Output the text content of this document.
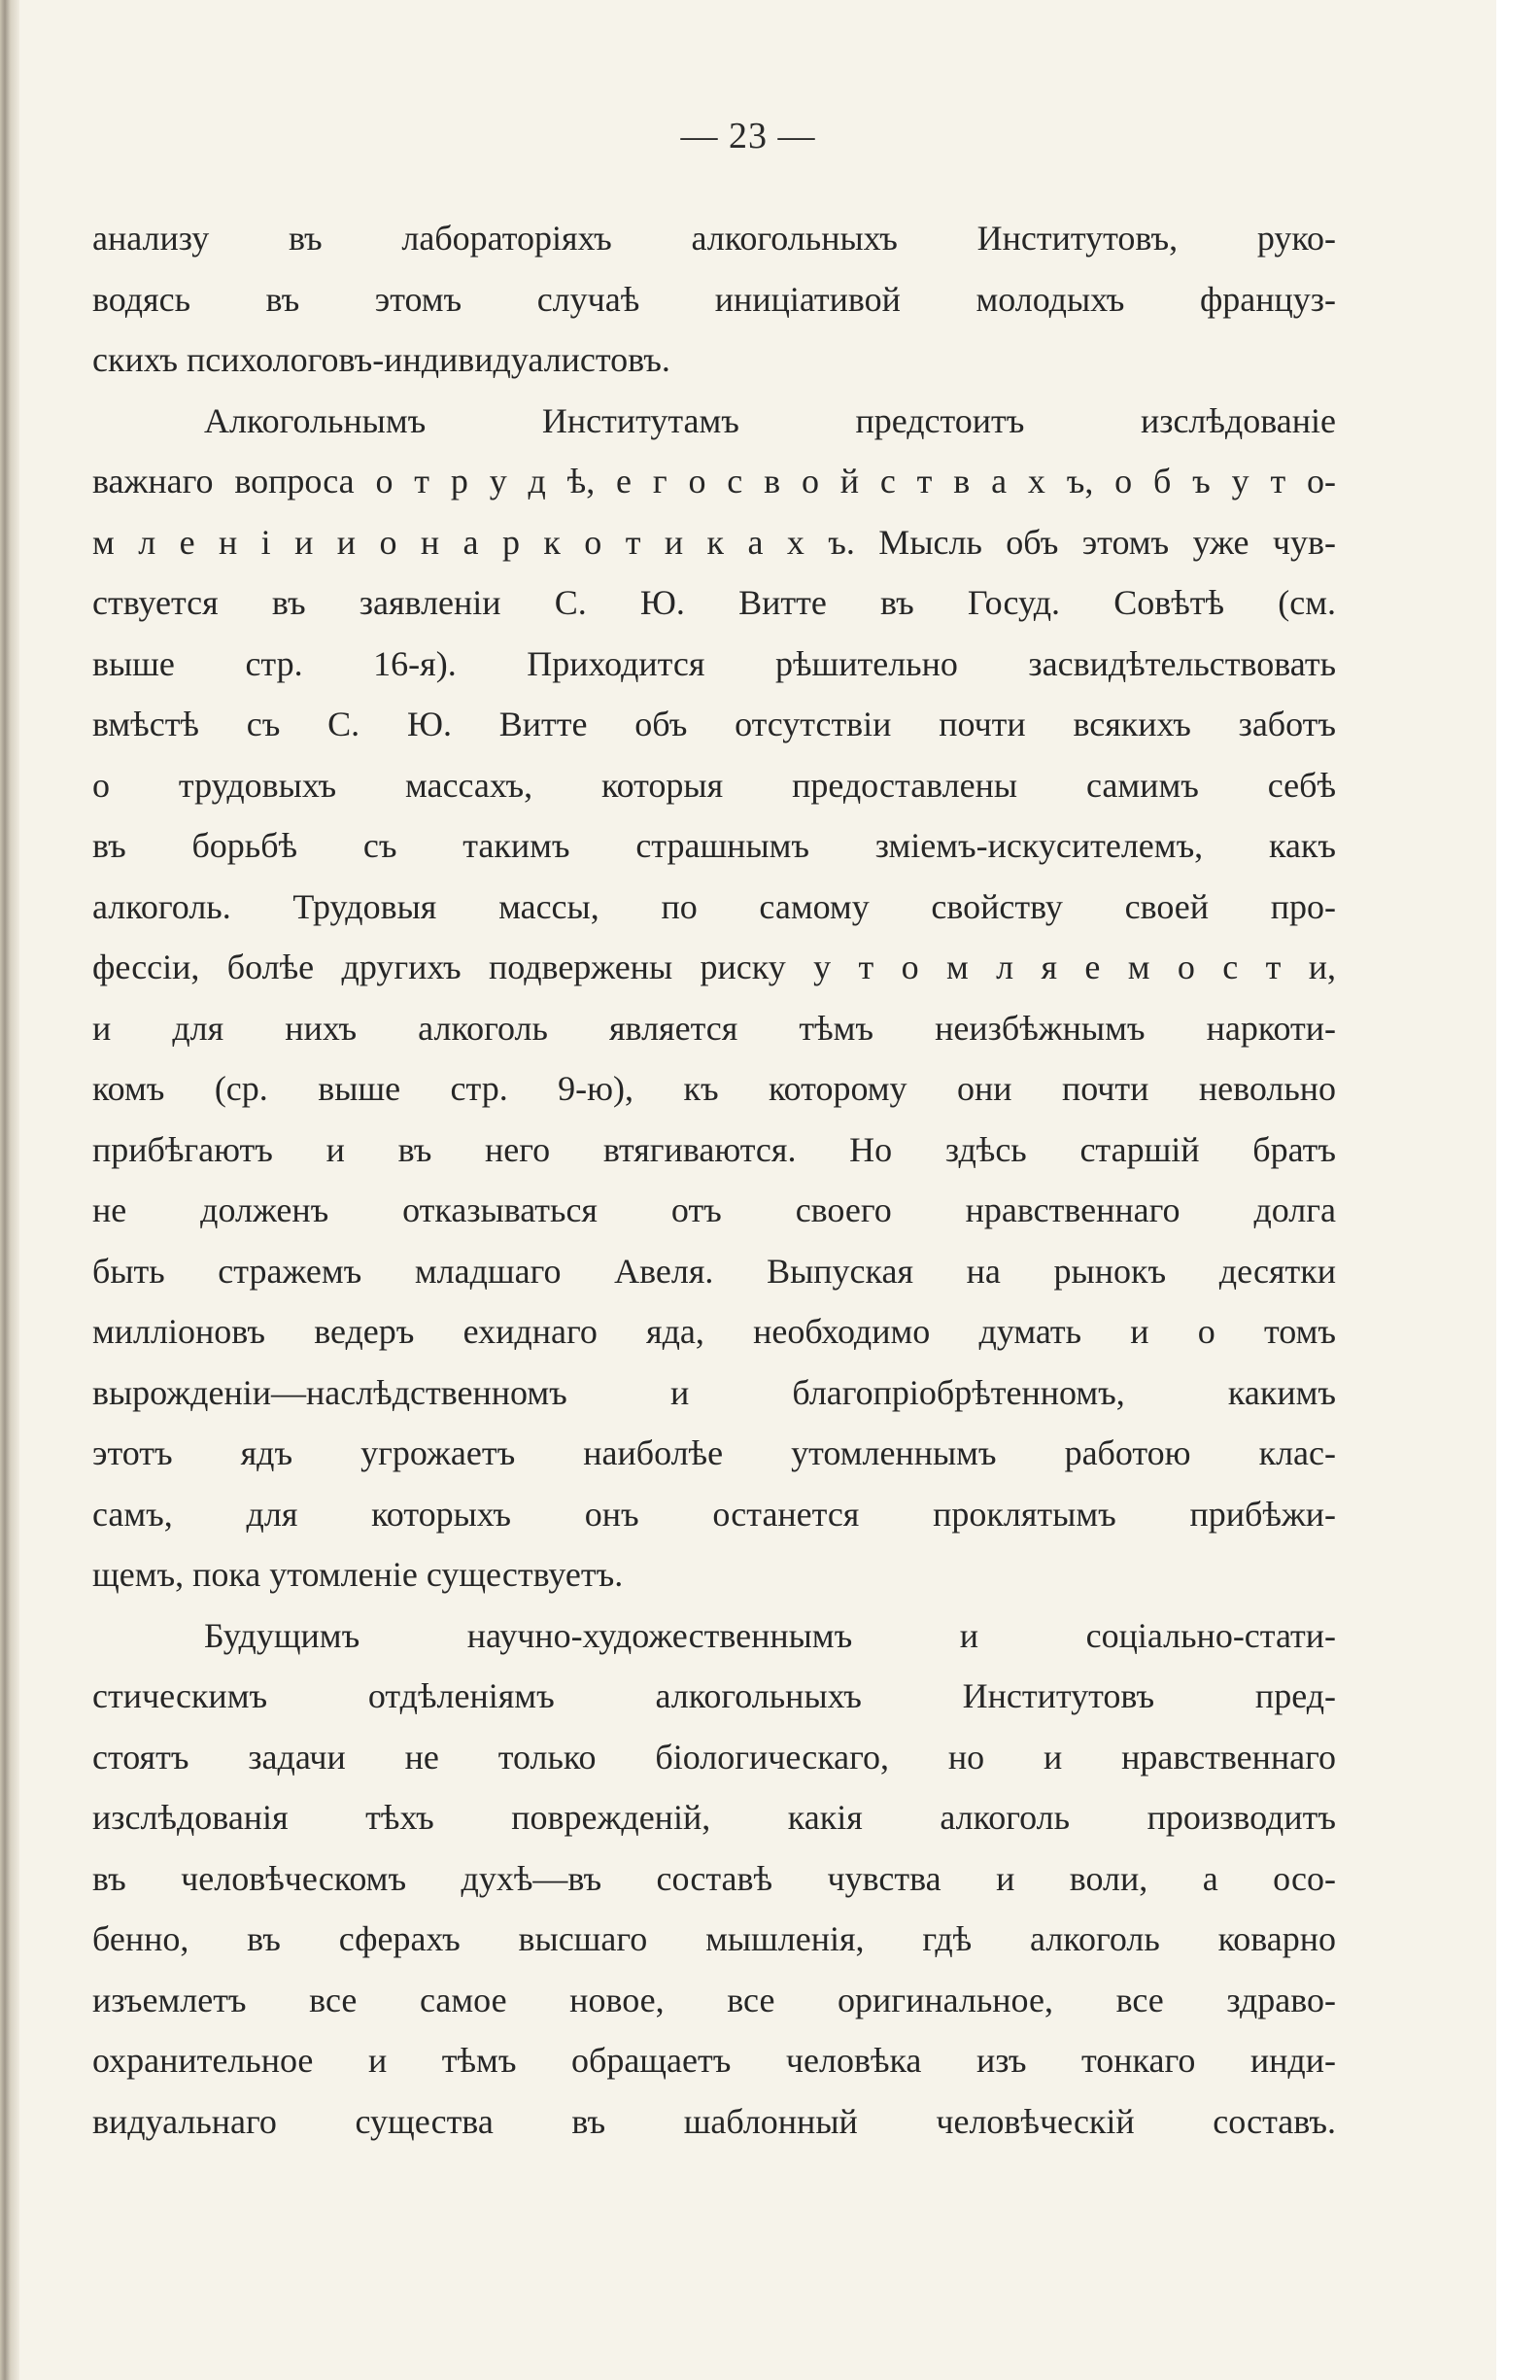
— 23 —
анализу въ лабораторіяхъ алкогольныхъ Институтовъ, руко-
водясь въ этомъ случаѣ иниціативой молодыхъ француз-
скихъ психологовъ-индивидуалистовъ.
Алкогольнымъ Институтамъ предстоитъ изслѣдованіе
важнаго вопроса о т р у д ѣ, е г о с в о й с т в а х ъ, о б ъ у т о-
м л е н і и и о н а р к о т и к а х ъ. Мысль объ этомъ уже чув-
ствуется въ заявленіи С. Ю. Витте въ Госуд. Совѣтѣ (см.
выше стр. 16-я). Приходится рѣшительно засвидѣтельствовать
вмѣстѣ съ С. Ю. Витте объ отсутствіи почти всякихъ заботъ
о трудовыхъ массахъ, которыя предоставлены самимъ себѣ
въ борьбѣ съ такимъ страшнымъ зміемъ-искусителемъ, какъ
алкоголь. Трудовыя массы, по самому свойству своей про-
фессіи, болѣе другихъ подвержены риску у т о м л я е м о с т и,
и для нихъ алкоголь является тѣмъ неизбѣжнымъ наркоти-
комъ (ср. выше стр. 9-ю), къ которому они почти невольно
прибѣгаютъ и въ него втягиваются. Но здѣсь старшій братъ
не долженъ отказываться отъ своего нравственнаго долга
быть стражемъ младшаго Авеля. Выпуская на рынокъ десятки
милліоновъ ведеръ ехиднаго яда, необходимо думать и о томъ
вырожденіи—наслѣдственномъ и благопріобрѣтенномъ, какимъ
этотъ ядъ угрожаетъ наиболѣе утомленнымъ работою клас-
самъ, для которыхъ онъ останется проклятымъ прибѣжи-
щемъ, пока утомленіе существуетъ.
Будущимъ научно-художественнымъ и соціально-стати-
стическимъ отдѣленіямъ алкогольныхъ Институтовъ пред-
стоятъ задачи не только біологическаго, но и нравственнаго
изслѣдованія тѣхъ поврежденій, какія алкоголь производитъ
въ человѣческомъ духѣ—въ составѣ чувства и воли, а осо-
бенно, въ сферахъ высшаго мышленія, гдѣ алкоголь коварно
изъемлетъ все самое новое, все оригинальное, все здраво-
охранительное и тѣмъ обращаетъ человѣка изъ тонкаго инди-
видуальнаго существа въ шаблонный человѣческій составъ.
